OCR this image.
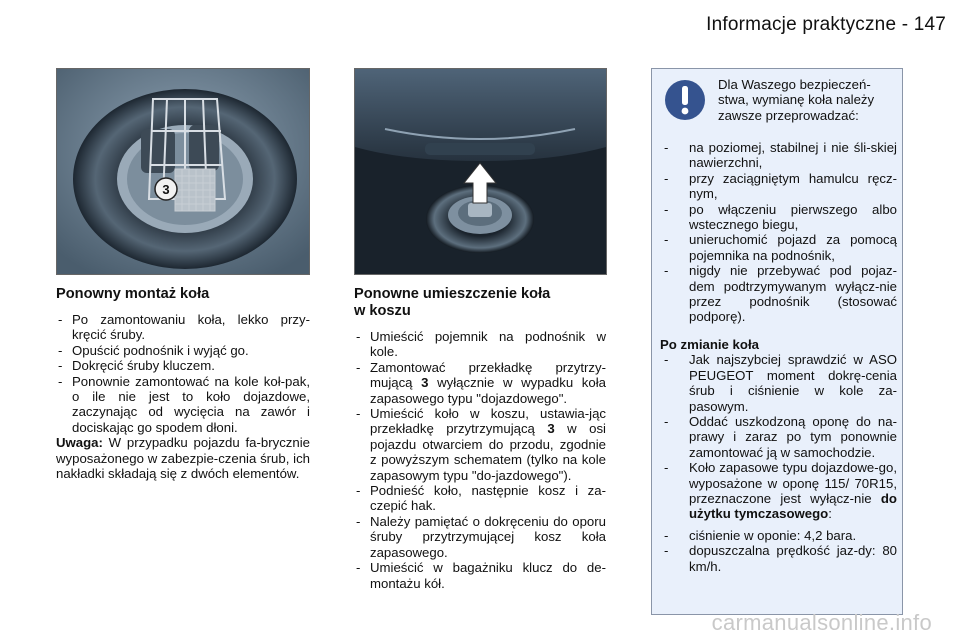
Informacje praktyczne - 147
3
Ponowny montaż koła
- Po zamontowaniu koła, lekko przy-kręcić śruby.
- Opuścić podnośnik i wyjąć go.
- Dokręcić śruby kluczem.
- Ponownie zamontować na kole koł-pak, o ile nie jest to koło dojazdowe, zaczynając od wycięcia na zawór i dociskając go spodem dłoni.
Uwaga: W przypadku pojazdu fa-brycznie wyposażonego w zabezpie-czenia śrub, ich nakładki składają się z dwóch elementów.
Ponowne umieszczenie koła
w koszu
- Umieścić pojemnik na podnośnik w kole.
- Zamontować przekładkę przytrzy-mującą 3 wyłącznie w wypadku koła zapasowego typu "dojazdowego".
- Umieścić koło w koszu, ustawia-jąc przekładkę przytrzymującą 3 w osi pojazdu otwarciem do przodu, zgodnie z powyższym schematem (tylko na kole zapasowym typu "do-jazdowego").
- Podnieść koło, następnie kosz i za-czepić hak.
- Należy pamiętać o dokręceniu do oporu śruby przytrzymującej kosz koła zapasowego.
- Umieścić w bagażniku klucz do de-montażu kół.
Dla Waszego bezpieczeń-stwa, wymianę koła należy zawsze przeprowadzać:
- na poziomej, stabilnej i nie śli-skiej nawierzchni,
- przy zaciągniętym hamulcu ręcz-nym,
- po włączeniu pierwszego albo wstecznego biegu,
- unieruchomić pojazd za pomocą pojemnika na podnośnik,
- nigdy nie przebywać pod pojaz-dem podtrzymywanym wyłącz-nie przez podnośnik (stosować podporę).
Po zmianie koła
- Jak najszybciej sprawdzić w ASO PEUGEOT moment dokrę-cenia śrub i ciśnienie w kole za-pasowym.
- Oddać uszkodzoną oponę do na-prawy i zaraz po tym ponownie zamontować ją w samochodzie.
- Koło zapasowe typu dojazdowe-go, wyposażone w oponę 115/ 70R15, przeznaczone jest wyłącz-nie do użytku tymczasowego:
- ciśnienie w oponie: 4,2 bara.
- dopuszczalna prędkość jaz-dy: 80 km/h.
carmanualsonline.info
